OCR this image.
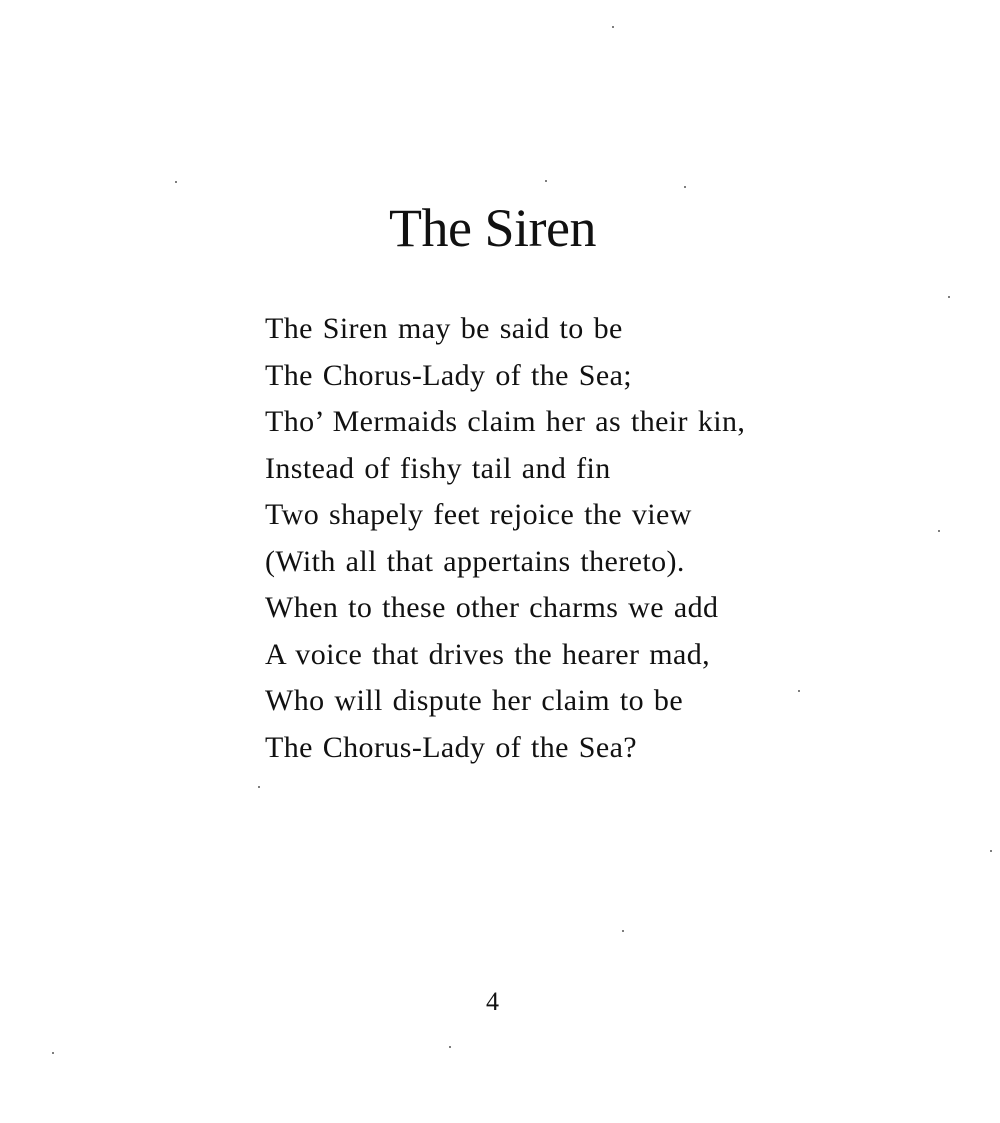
The Siren
The Siren may be said to be
The Chorus-Lady of the Sea;
Tho’ Mermaids claim her as their kin,
Instead of fishy tail and fin
Two shapely feet rejoice the view
(With all that appertains thereto).
When to these other charms we add
A voice that drives the hearer mad,
Who will dispute her claim to be
The Chorus-Lady of the Sea?
4
